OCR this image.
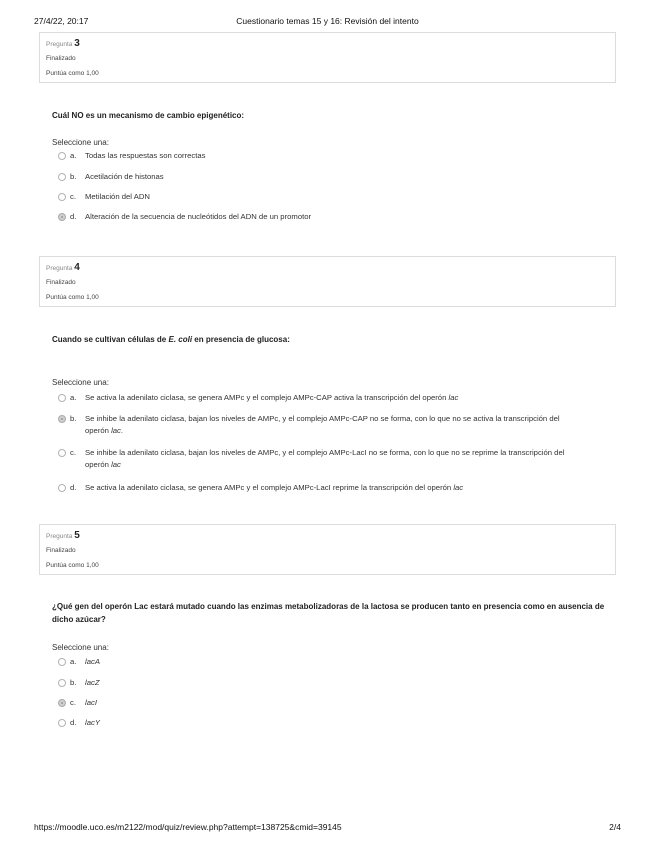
27/4/22, 20:17	Cuestionario temas 15 y 16: Revisión del intento
Pregunta 3
Finalizado
Puntúa como 1,00
Cuál NO es un mecanismo de cambio epigenético:
Seleccione una:
a. Todas las respuestas son correctas
b. Acetilación de histonas
c. Metilación del ADN
d. Alteración de la secuencia de nucleótidos del ADN de un promotor
Pregunta 4
Finalizado
Puntúa como 1,00
Cuando se cultivan células de E. coli en presencia de glucosa:
Seleccione una:
a. Se activa la adenilato ciclasa, se genera AMPc y el complejo AMPc-CAP activa la transcripción del operón lac
b. Se inhibe la adenilato ciclasa, bajan los niveles de AMPc, y el complejo AMPc-CAP no se forma, con lo que no se activa la transcripción del operón lac.
c. Se inhibe la adenilato ciclasa, bajan los niveles de AMPc, y el complejo AMPc-LacI no se forma, con lo que no se reprime la transcripción del operón lac
d. Se activa la adenilato ciclasa, se genera AMPc y el complejo AMPc-LacI reprime la transcripción del operón lac
Pregunta 5
Finalizado
Puntúa como 1,00
¿Qué gen del operón Lac estará mutado cuando las enzimas metabolizadoras de la lactosa se producen tanto en presencia como en ausencia de dicho azúcar?
Seleccione una:
a. lacA
b. lacZ
c. lacI
d. lacY
https://moodle.uco.es/m2122/mod/quiz/review.php?attempt=138725&cmid=39145	2/4
